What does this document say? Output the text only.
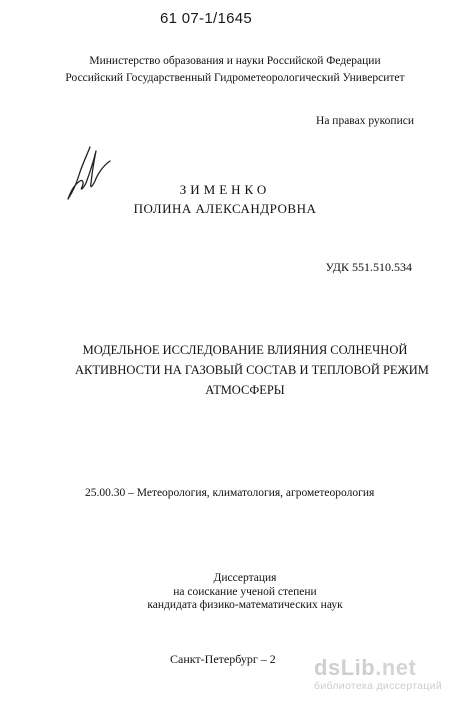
61 07-1/1645
Министерство образования и науки Российской Федерации
Российский Государственный Гидрометеорологический Университет
На правах рукописи
ЗИМЕНКО
ПОЛИНА АЛЕКСАНДРОВНА
УДК 551.510.534
МОДЕЛЬНОЕ ИССЛЕДОВАНИЕ ВЛИЯНИЯ СОЛНЕЧНОЙ
АКТИВНОСТИ НА ГАЗОВЫЙ СОСТАВ И ТЕПЛОВОЙ РЕЖИМ
АТМОСФЕРЫ
25.00.30 – Метеорология, климатология, агрометеорология
Диссертация
на соискание ученой степени
кандидата физико-математических наук
Санкт-Петербург – 2 dsLib.net
библиотека диссертаций
